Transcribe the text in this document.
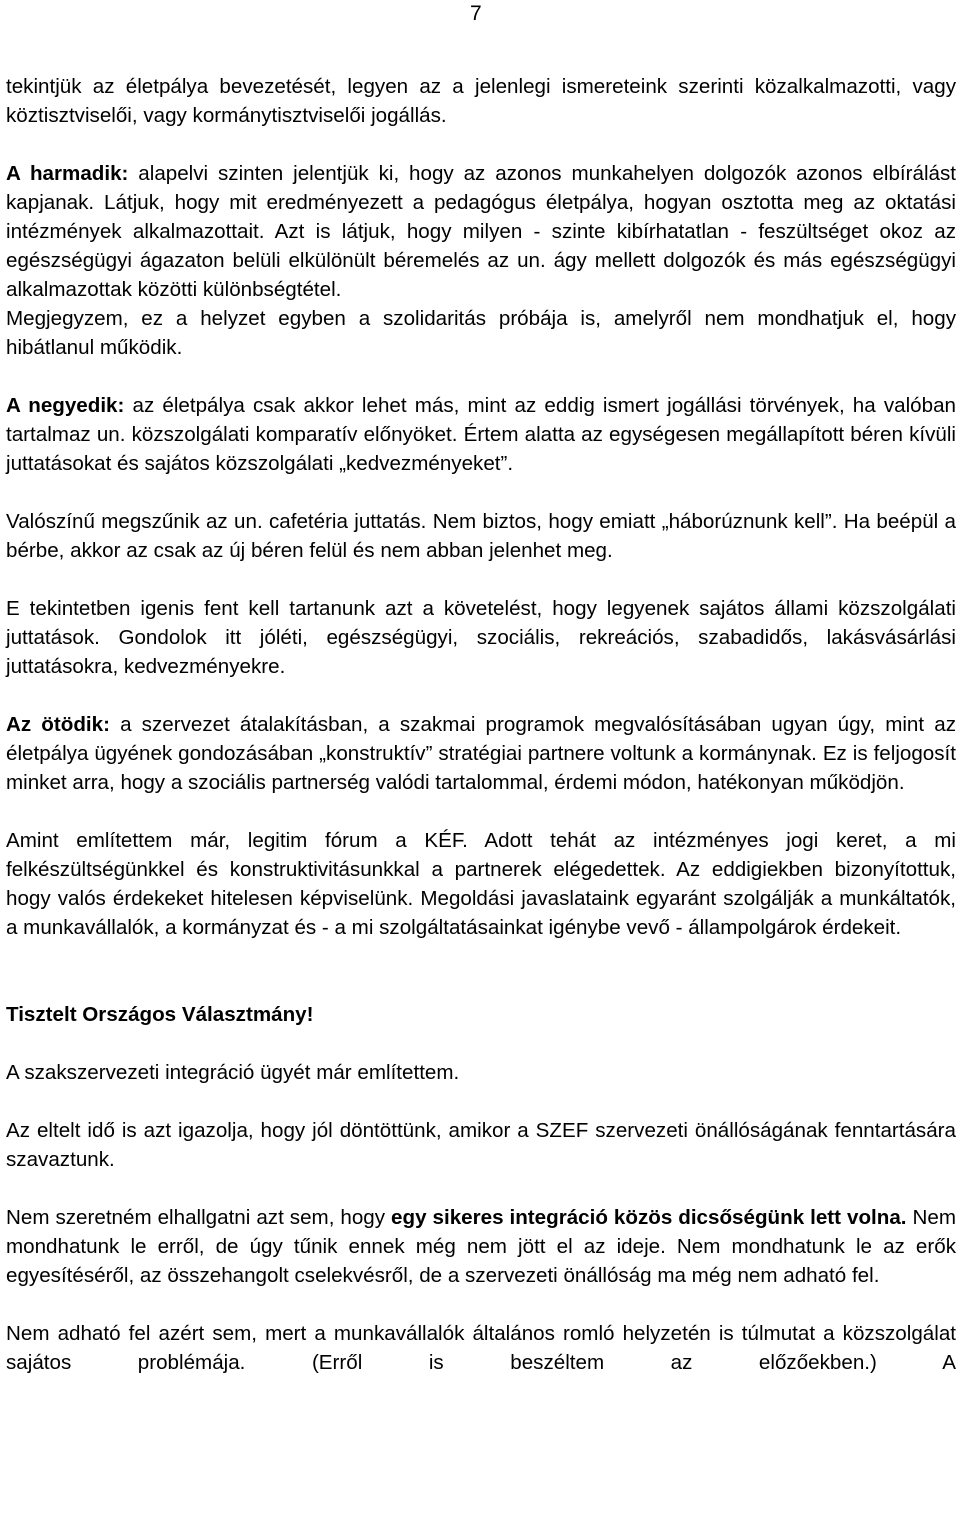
7

tekintjük az életpálya bevezetését, legyen az a jelenlegi ismereteink szerinti közalkalmazotti, vagy köztisztviselői, vagy kormánytisztviselői jogállás.

A harmadik: alapelvi szinten jelentjük ki, hogy az azonos munkahelyen dolgozók azonos elbírálást kapjanak. Látjuk, hogy mit eredményezett a pedagógus életpálya, hogyan osztotta meg az oktatási intézmények alkalmazottait. Azt is látjuk, hogy milyen - szinte kibírhatatlan - feszültséget okoz az egészségügyi ágazaton belüli elkülönült béremelés az un. ágy mellett dolgozók és más egészségügyi alkalmazottak közötti különbségtétel.

Megjegyzem, ez a helyzet egyben a szolidaritás próbája is, amelyről nem mondhatjuk el, hogy hibátlanul működik.

A negyedik: az életpálya csak akkor lehet más, mint az eddig ismert jogállási törvények, ha valóban tartalmaz un. közszolgálati komparatív előnyöket. Értem alatta az egységesen megállapított béren kívüli juttatásokat és sajátos közszolgálati „kedvezményeket”.

Valószínű megszűnik az un. cafetéria juttatás. Nem biztos, hogy emiatt „háborúznunk kell”. Ha beépül a bérbe, akkor az csak az új béren felül és nem abban jelenhet meg.

E tekintetben igenis fent kell tartanunk azt a követelést, hogy legyenek sajátos állami közszolgálati juttatások. Gondolok itt jóléti, egészségügyi, szociális, rekreációs, szabadidős, lakásvásárlási juttatásokra, kedvezményekre.

Az ötödik: a szervezet átalakításban, a szakmai programok megvalósításában ugyan úgy, mint az életpálya ügyének gondozásában „konstruktív” stratégiai partnere voltunk a kormánynak. Ez is feljogosít minket arra, hogy a szociális partnerség valódi tartalommal, érdemi módon, hatékonyan működjön.

Amint említettem már, legitim fórum a KÉF. Adott tehát az intézményes jogi keret, a mi felkészültségünkkel és konstruktivitásunkkal a partnerek elégedettek. Az eddigiekben bizonyítottuk, hogy valós érdekeket hitelesen képviselünk. Megoldási javaslataink egyaránt szolgálják a munkáltatók, a munkavállalók, a kormányzat és - a mi szolgáltatásainkat igénybe vevő - állampolgárok érdekeit.

Tisztelt Országos Választmány!

A szakszervezeti integráció ügyét már említettem.

Az eltelt idő is azt igazolja, hogy jól döntöttünk, amikor a SZEF szervezeti önállóságának fenntartására szavaztunk.

Nem szeretném elhallgatni azt sem, hogy egy sikeres integráció közös dicsőségünk lett volna. Nem mondhatunk le erről, de úgy tűnik ennek még nem jött el az ideje. Nem mondhatunk le az erők egyesítéséről, az összehangolt cselekvésről, de a szervezeti önállóság ma még nem adható fel.

Nem adható fel azért sem, mert a munkavállalók általános romló helyzetén is túlmutat a közszolgálat sajátos problémája. (Erről is beszéltem az előzőekben.) A
